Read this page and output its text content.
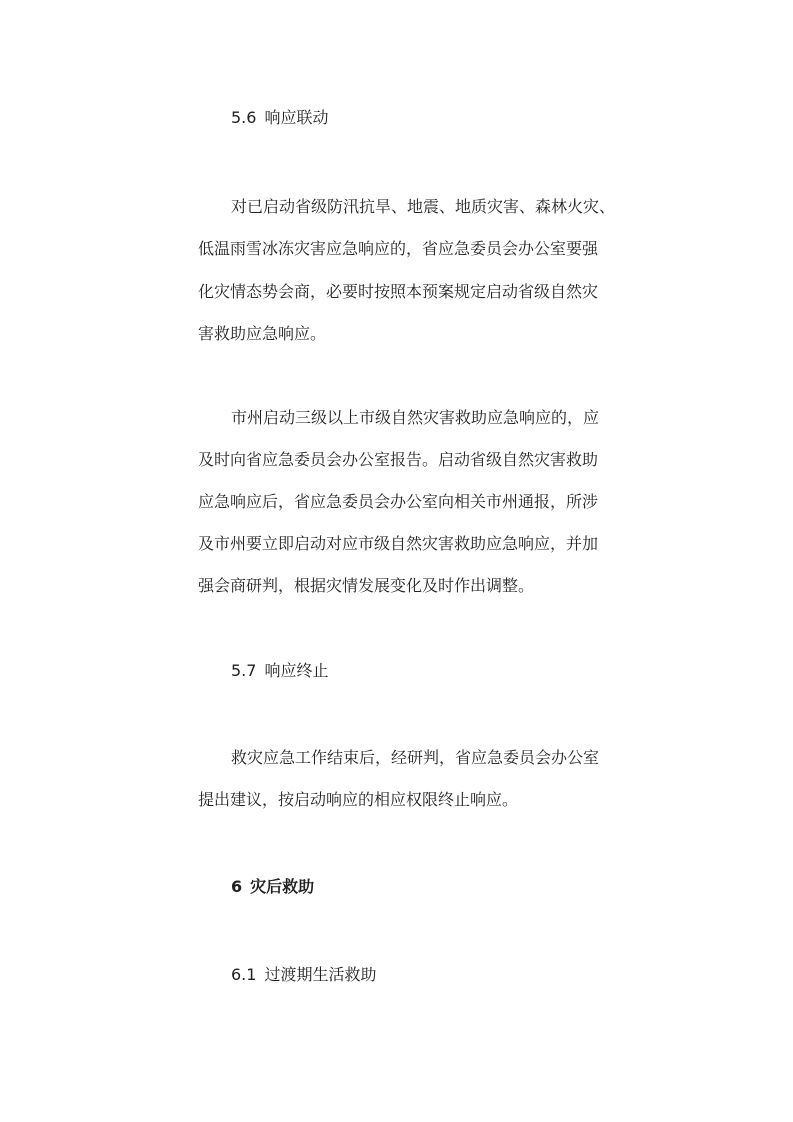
5.6 响应联动

对已启动省级防汛抗旱、地震、地质灾害、森林火灾、

低温雨雪冰冻灾害应急响应的，省应急委员会办公室要强

化灾情态势会商，必要时按照本预案规定启动省级自然灾

害救助应急响应。

市州启动三级以上市级自然灾害救助应急响应的，应

及时向省应急委员会办公室报告。启动省级自然灾害救助

应急响应后，省应急委员会办公室向相关市州通报，所涉

及市州要立即启动对应市级自然灾害救助应急响应，并加

强会商研判，根据灾情发展变化及时作出调整。

5.7 响应终止

救灾应急工作结束后，经研判，省应急委员会办公室

提出建议，按启动响应的相应权限终止响应。

6 灾后救助

6.1 过渡期生活救助
